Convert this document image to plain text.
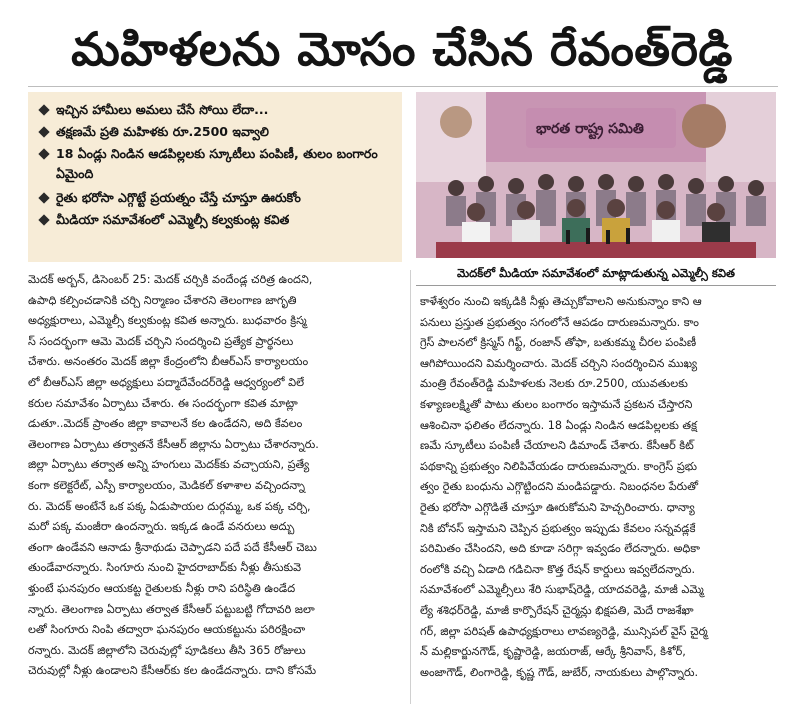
మహిళలను మోసం చేసిన రేవంత్‌రెడ్డి
ఇచ్చిన హామీలు అమలు చేసే సోయి లేదా...
తక్షణమే ప్రతి మహిళకు రూ.2500 ఇవ్వాలి
18 ఏండ్లు నిండిన ఆడపిల్లలకు స్కూటీలు పంపిణీ, తులం బంగారం ఏమైంది
రైతు భరోసా ఎగ్గొట్టే ప్రయత్నం చేస్తే చూస్తూ ఊరుకోం
మీడియా సమావేశంలో ఎమ్మెల్సీ కల్వకుంట్ల కవిత
భారత రాష్ట్ర సమితి
మెదక్‌లో మీడియా సమావేశంలో మాట్లాడుతున్న ఎమ్మెల్సీ కవిత
మెదక్ అర్బన్, డిసెంబర్ 25: మెదక్ చర్చికి వందేండ్ల చరిత్ర ఉందని,
ఉపాధి కల్పించడానికి చర్చి నిర్మాణం చేశారని తెలంగాణ జాగృతి
అధ్యక్షురాలు, ఎమ్మెల్సీ కల్వకుంట్ల కవిత అన్నారు. బుధవారం క్రిస్మ
స్ సందర్భంగా ఆమె మెదక్ చర్చిని సందర్శించి ప్రత్యేక ప్రార్థనలు
చేశారు. అనంతరం మెదక్ జిల్లా కేంద్రంలోని బీఆర్ఎస్ కార్యాలయం
లో బీఆర్ఎస్ జిల్లా అధ్యక్షులు పద్మాదేవేందర్‌రెడ్డి ఆధ్వర్యంలో విలే
కరుల సమావేశం ఏర్పాటు చేశారు. ఈ సందర్భంగా కవిత మాట్లా
డుతూ..మెదక్ ప్రాంతం జిల్లా కావాలనే కల ఉండేదని, అది కేవలం
తెలంగాణ ఏర్పాటు తర్వాతనే కేసీఆర్ జిల్లాను ఏర్పాటు చేశారన్నారు.
జిల్లా ఏర్పాటు తర్వాత అన్ని హంగులు మెదక్‌కు వచ్చాయని, ప్రత్యే
కంగా కలెక్టరేట్, ఎస్పీ కార్యాలయం, మెడికల్ కళాశాల వచ్చిందన్నా
రు. మెదక్ అంటేనే ఒక పక్క ఏడుపాయల దుర్గమ్మ, ఒక పక్క చర్చి,
మరో పక్క మంజీరా ఉందన్నారు. ఇక్కడ ఉండే వనరులు అద్బు
తంగా ఉండేవని ఆనాడు శ్రీనాథుడు చెప్పాడని పదే పదే కేసీఆర్ చెబు
తుండేవారన్నారు. సింగూరు నుంచి హైదరాబాద్‌కు నీళ్లు తీసుకువె
ళ్తుంటే ఘనపురం ఆయకట్ట రైతులకు నీళ్లు రాని పరిస్థితి ఉండేద
న్నారు. తెలంగాణ ఏర్పాటు తర్వాత కేసీఆర్ పట్టుబట్టి గోదావరి జలా
లతో సింగూరు నింపి తద్వారా ఘనపురం ఆయకట్టును పరిరక్షించా
రన్నారు. మెదక్ జిల్లాలోని చెరువుల్లో పూడికలు తీసి 365 రోజులు
చెరువుల్లో నీళ్లు ఉండాలని కేసీఆర్‌కు కల ఉండేదన్నారు. దాని కోసమే
కాళేశ్వరం నుంచి ఇక్కడికి నీళ్లు తెచ్చుకోవాలని అనుకున్నాం కాని ఆ
పనులు ప్రస్తుత ప్రభుత్వం సగంలోనే ఆపడం దారుణమన్నారు. కాం
గ్రెస్ పాలనలో క్రిస్మస్ గిఫ్ట్, రంజాన్ తోఫా, బతుకమ్మ చీరల పంపిణీ
ఆగిపోయిందని విమర్శించారు. మెదక్ చర్చిని సందర్శించిన ముఖ్య
మంత్రి రేవంత్‌రెడ్డి మహిళలకు నెలకు రూ.2500, యువతులకు
కళ్యాణలక్ష్మితో పాటు తులం బంగారం ఇస్తామనే ప్రకటన చేస్తారని
ఆశించినా ఫలితం లేదన్నారు. 18 ఏండ్లు నిండిన ఆడపిల్లలకు తక్ష
ణమే స్కూటీలు పంపిణీ చేయాలని డిమాండ్ చేశారు. కేసీఆర్ కిట్
పథకాన్ని ప్రభుత్వం నిలిపివేయడం దారుణమన్నారు. కాంగ్రెస్ ప్రభు
త్వం రైతు బంధును ఎగ్గొట్టిందని మండిపడ్డారు. నిబంధనల పేరుతో
రైతు భరోసా ఎగ్గొడితే చూస్తూ ఊరుకోమని హెచ్చరించారు. ధాన్యా
నికి బోనస్ ఇస్తామని చెప్పిన ప్రభుత్వం ఇప్పుడు కేవలం సన్నవడ్లకే
పరిమితం చేసిందని, అది కూడా సరిగ్గా ఇవ్వడం లేదన్నారు. అధికా
రంలోకి వచ్చి ఏడాది గడిచినా కొత్త రేషన్ కార్డులు ఇవ్వలేదన్నారు.
సమావేశంలో ఎమ్మెల్సీలు శేరి సుభాష్‌రెడ్డి, యాదవరెడ్డి, మాజీ ఎమ్మె
ల్యే శశిధర్‌రెడ్డి, మాజీ కార్పొరేషన్ చైర్మన్లు భిక్షపతి, మెదే రాజశేఖా
గర్, జిల్లా పరిషత్ ఉపాధ్యక్షురాలు లావణ్యరెడ్డి, మున్సిపల్ వైస్ చైర్మ
న్ మల్లికార్జునగౌడ్, కృష్ణారెడ్డి, జయరాజ్, ఆర్కే శ్రీనివాస్, కిశోర్,
అంజాగౌడ్, లింగారెడ్డి, కృష్ణ గౌడ్, జుబేర్, నాయకులు పాల్గొన్నారు.
